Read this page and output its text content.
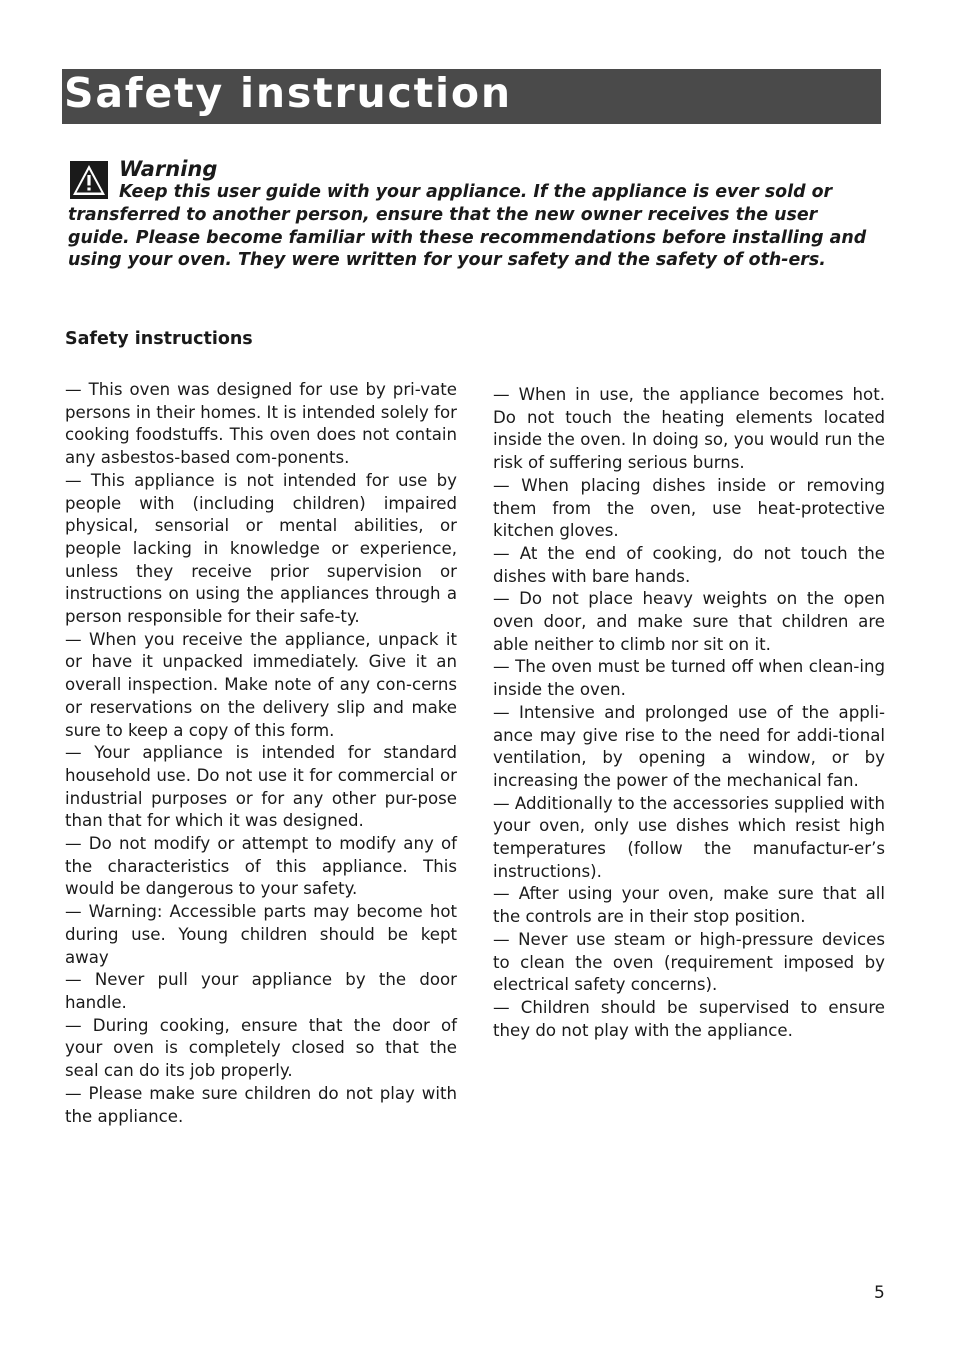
Safety instruction
Warning

Keep this user guide with your appliance. If the appliance is ever sold or transferred to another person, ensure that the new owner receives the user guide. Please become familiar with these recommendations before installing and using your oven. They were written for your safety and the safety of oth-ers.

Safety instructions

— This oven was designed for use by pri-vate persons in their homes. It is intended solely for cooking foodstuffs. This oven does not contain any asbestos-based com-ponents.

— This appliance is not intended for use by people with (including children) impaired physical, sensorial or mental abilities, or people lacking in knowledge or experience, unless they receive prior supervision or instructions on using the appliances through a person responsible for their safe-ty.

— When you receive the appliance, unpack it or have it unpacked immediately. Give it an overall inspection. Make note of any con-cerns or reservations on the delivery slip and make sure to keep a copy of this form.

— Your appliance is intended for standard household use. Do not use it for commercial or industrial purposes or for any other pur-pose than that for which it was designed.

— Do not modify or attempt to modify any of the characteristics of this appliance. This would be dangerous to your safety.

— Warning: Accessible parts may become hot during use. Young children should be kept away

— Never pull your appliance by the door handle.

— During cooking, ensure that the door of your oven is completely closed so that the seal can do its job properly.

— Please make sure children do not play with the appliance.

— When in use, the appliance becomes hot. Do not touch the heating elements located inside the oven. In doing so, you would run the risk of suffering serious burns.

— When placing dishes inside or removing them from the oven, use heat-protective kitchen gloves.

— At the end of cooking, do not touch the dishes with bare hands.

— Do not place heavy weights on the open oven door, and make sure that children are able neither to climb nor sit on it.

— The oven must be turned off when clean-ing inside the oven.

— Intensive and prolonged use of the appli-ance may give rise to the need for addi-tional ventilation, by opening a window, or by increasing the power of the mechanical fan.

— Additionally to the accessories supplied with your oven, only use dishes which resist high temperatures (follow the manufactur-er’s instructions).

— After using your oven, make sure that all the controls are in their stop position.

— Never use steam or high-pressure devices to clean the oven (requirement imposed by electrical safety concerns).

— Children should be supervised to ensure they do not play with the appliance.

5
